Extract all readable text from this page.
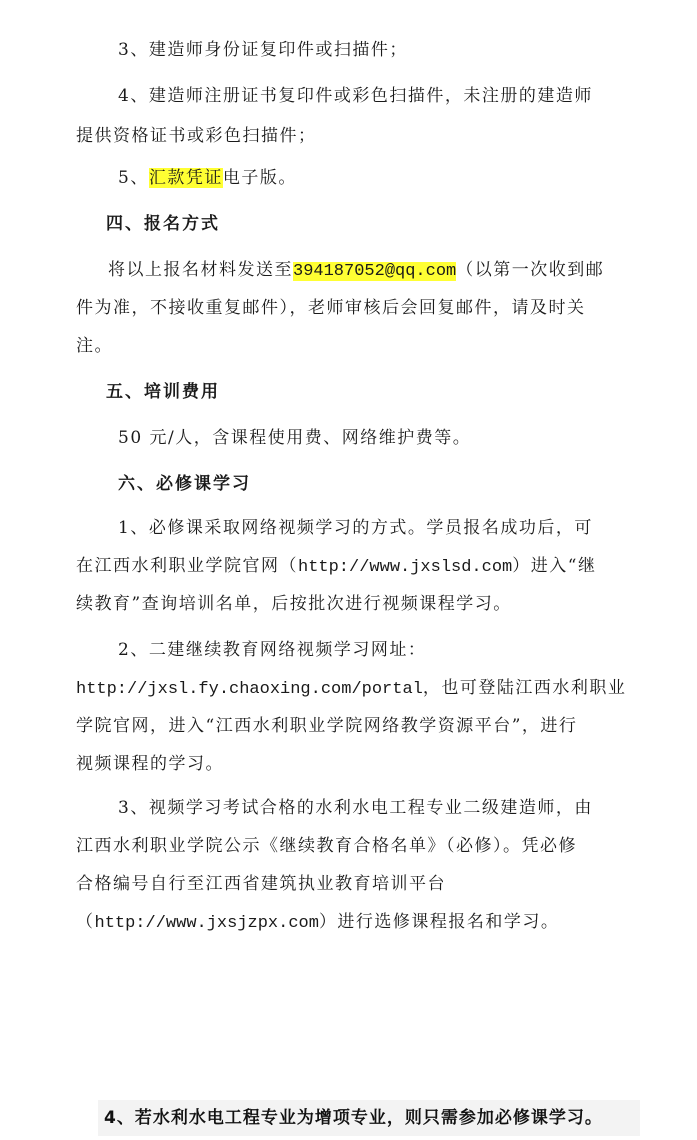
3、建造师身份证复印件或扫描件；
4、建造师注册证书复印件或彩色扫描件，未注册的建造师
提供资格证书或彩色扫描件；
5、汇款凭证电子版。
四、报名方式
将以上报名材料发送至394187052@qq.com（以第一次收到邮
件为准，不接收重复邮件），老师审核后会回复邮件，请及时关
注。
五、培训费用
50 元/人，含课程使用费、网络维护费等。
六、必修课学习
1、必修课采取网络视频学习的方式。学员报名成功后，可
在江西水利职业学院官网（http://www.jxslsd.com）进入“继
续教育”查询培训名单，后按批次进行视频课程学习。
2、二建继续教育网络视频学习网址：
http://jxsl.fy.chaoxing.com/portal，也可登陆江西水利职业
学院官网，进入“江西水利职业学院网络教学资源平台”，进行
视频课程的学习。
3、视频学习考试合格的水利水电工程专业二级建造师，由
江西水利职业学院公示《继续教育合格名单》（必修）。凭必修
合格编号自行至江西省建筑执业教育培训平台
（http://www.jxsjzpx.com）进行选修课程报名和学习。
4、若水利水电工程专业为增项专业，则只需参加必修课学习。
